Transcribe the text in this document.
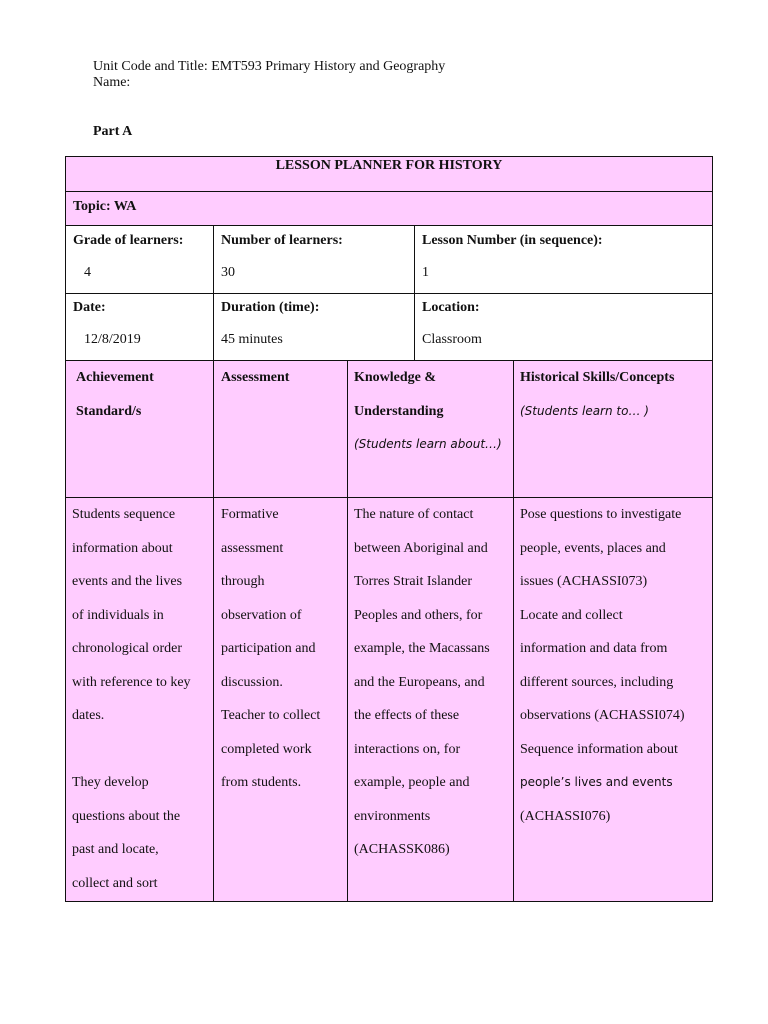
Unit Code and Title: EMT593 Primary History and Geography
Name:
Part A
LESSON PLANNER FOR HISTORY
Topic: WA
Grade of learners:
4
Number of learners:
30
Lesson Number (in sequence):
1
Date:
12/8/2019
Duration (time):
45 minutes
Location:
Classroom
Achievement
Standard/s
Assessment	Knowledge &
Understanding
(Students learn about…)
Historical Skills/Concepts
(Students learn to… )
Students sequence
information about
events and the lives
of individuals in
chronological order
with reference to key
dates.
They develop
questions about the
past and locate,
collect and sort
Formative
assessment
through
observation of
participation and
discussion.
Teacher to collect
completed work
from students.
The nature of contact
between Aboriginal and
Torres Strait Islander
Peoples and others, for
example, the Macassans
and the Europeans, and
the effects of these
interactions on, for
example, people and
environments
(ACHASSK086)
Pose questions to investigate
people, events, places and
issues (ACHASSI073)
Locate and collect
information and data from
different sources, including
observations (ACHASSI074)
Sequence information about
people’s lives and events
(ACHASSI076)
